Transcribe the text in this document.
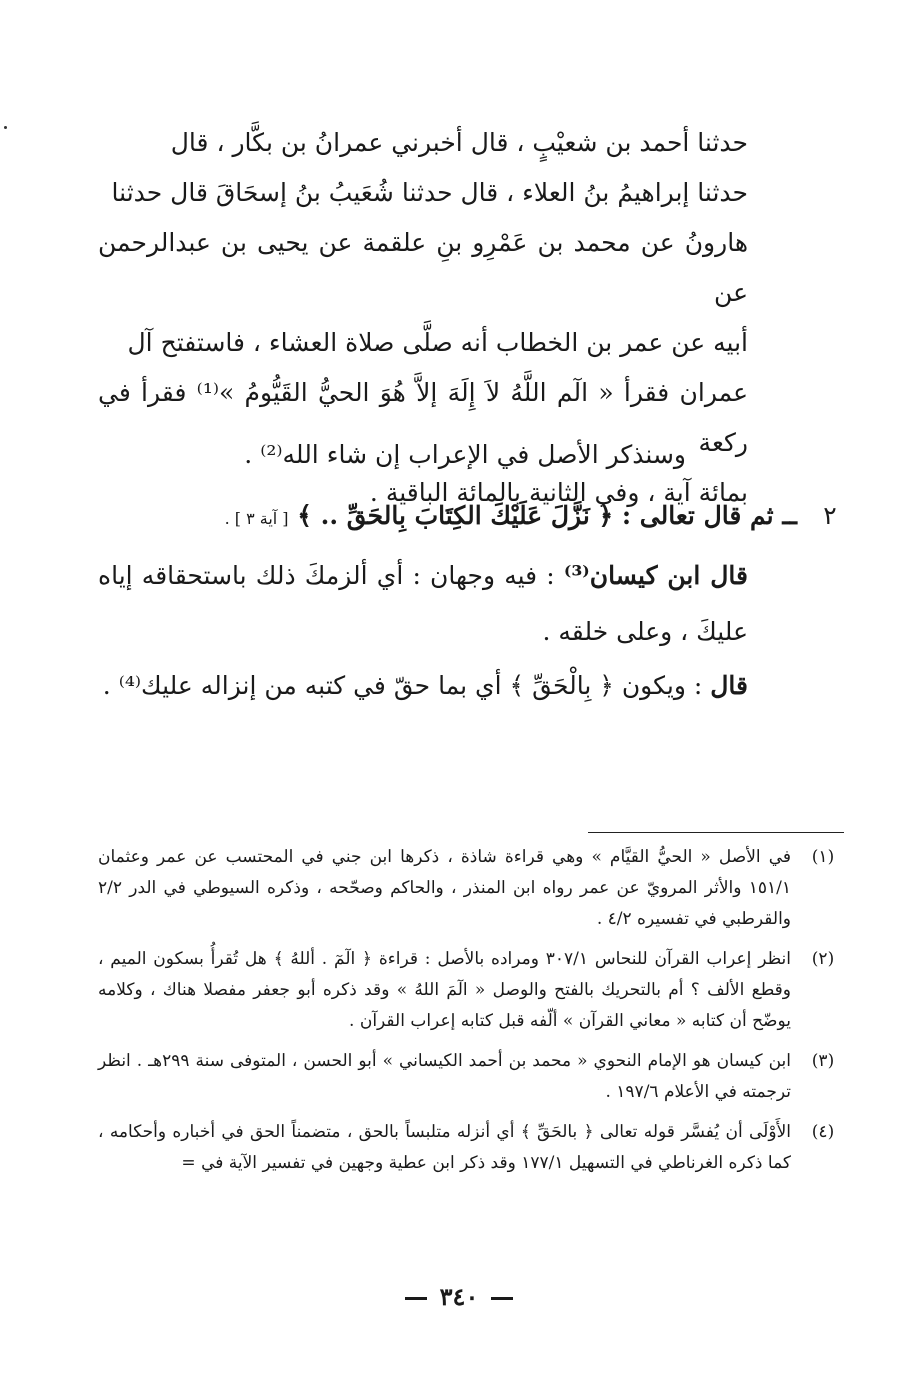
حدثنا أحمد بن شعيْبٍ ، قال أخبرني عمرانُ بن بكَّار ، قال

حدثنا إبراهيمُ بنُ العلاء ، قال حدثنا شُعَيبُ بنُ إسحَاقَ قال حدثنا

هارونُ عن محمد بن عَمْرِو بنِ علقمة عن يحيى بن عبدالرحمن عن

أبيه عن عمر بن الخطاب أنه صلَّى صلاة العشاء ، فاستفتح آل

عمران فقرأ « الٓم اللَّهُ لاَ إِلَهَ إلاَّ هُوَ الحيُّ القَيُّومُ »⁽¹⁾ فقرأ في ركعة

بمائة آية ، وفي الثانية بالمائة الباقية .

وسنذكر الأصل في الإعراب إن شاء الله⁽²⁾ .
٢
ــ ثم قال تعالى : ﴿ نَزَّلَ عَلَيْكَ الكِتَابَ بِالحَقِّ .. ﴾ [ آية ٣ ] .
قال ابن كيسان⁽³⁾ : فيه وجهان : أي ألزمكَ ذلك باستحقاقه إياه عليكَ ، وعلى خلقه .
قال : ويكون ﴿ بِالْحَقِّ ﴾ أي بما حقّ في كتبه من إنزاله عليك⁽⁴⁾ .
(١)
في الأصل « الحيُّ القيَّام » وهي قراءة شاذة ، ذكرها ابن جني في المحتسب عن عمر وعثمان ١٥١/١ والأثر المرويّ عن عمر رواه ابن المنذر ، والحاكم وصحّحه ، وذكره السيوطي في الدر ٢/٢ والقرطبي في تفسيره ٤/٢ .
(٢)
انظر إعراب القرآن للنحاس ٣٠٧/١ ومراده بالأصل : قراءة ﴿ الٓمٓ . أللهُ ﴾ هل تُقرأُ بسكون الميم ، وقطع الألف ؟ أم بالتحريك بالفتح والوصل « الٓمَ اللهُ » وقد ذكره أبو جعفر مفصلا هناك ، وكلامه يوضّح أن كتابه « معاني القرآن » ألّفه قبل كتابه إعراب القرآن .
(٣)
ابن كيسان هو الإمام النحوي « محمد بن أحمد الكيساني » أبو الحسن ، المتوفى سنة ٢٩٩هـ . انظر ترجمته في الأعلام ١٩٧/٦ .
(٤)
الأَوْلَى أن يُفسَّر قوله تعالى ﴿ بالحَقِّ ﴾ أي أنزله متلبساً بالحق ، متضمناً الحق في أخباره وأحكامه ، كما ذكره الغرناطي في التسهيل ١٧٧/١ وقد ذكر ابن عطية وجهين في تفسير الآية في =
٣٤٠
